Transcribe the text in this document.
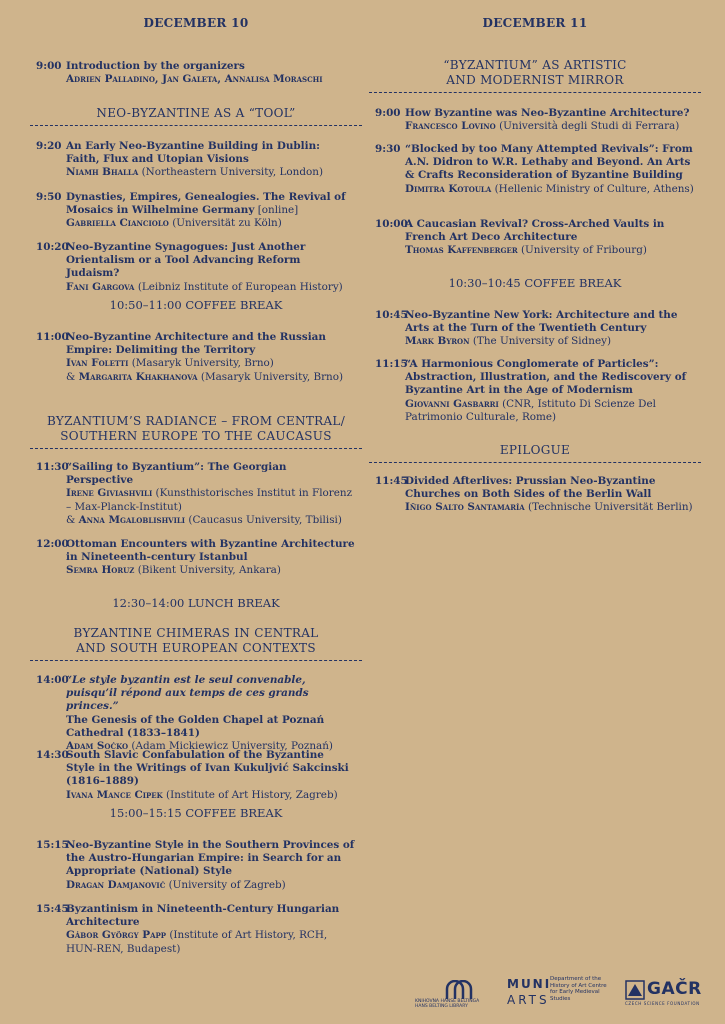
DECEMBER 10
9:00 Introduction by the organizers
Adrien Palladino, Jan Galeta, Annalisa Moraschi
NEO-BYZANTINE AS A “TOOL”
9:20 An Early Neo-Byzantine Building in Dublin: Faith, Flux and Utopian Visions
Niamh Bhalla (Northeastern University, London)
9:50 Dynasties, Empires, Genealogies. The Revival of Mosaics in Wilhelmine Germany [online]
Gabriella Cianciolo (Universität zu Köln)
10:20
Neo-Byzantine Synagogues: Just Another Orientalism or a Tool Advancing Reform Judaism?
Fani Gargova (Leibniz Institute of European History)
10:50–11:00 COFFEE BREAK
11:00
Neo-Byzantine Architecture and the Russian Empire: Delimiting the Territory
Ivan Foletti (Masaryk University, Brno)
& Margarita Khakhanova (Masaryk University, Brno)
BYZANTIUM’S RADIANCE – FROM CENTRAL/
SOUTHERN EUROPE TO THE CAUCASUS
11:30
“Sailing to Byzantium”: The Georgian Perspective
Irene Giviashvili (Kunsthistorisches Institut in Florenz – Max-Planck-Institut)
& Anna Mgaloblishvili (Caucasus University, Tbilisi)
12:00
Ottoman Encounters with Byzantine Architecture in Nineteenth-century Istanbul
Semra Horuz (Bikent University, Ankara)
12:30–14:00 LUNCH BREAK
BYZANTINE CHIMERAS IN CENTRAL
AND SOUTH EUROPEAN CONTEXTS
14:00
“Le style byzantin est le seul convenable, puisqu’il répond aux temps de ces grands princes.”
The Genesis of the Golden Chapel at Poznań Cathedral (1833–1841)
Adam Soćko (Adam Mickiewicz University, Poznań)
14:30
South Slavic Confabulation of the Byzantine Style in the Writings of Ivan Kukuljvić Sakcinski (1816–1889)
Ivana Mance Cipek (Institute of Art History, Zagreb)
15:00–15:15 COFFEE BREAK
15:15
Neo-Byzantine Style in the Southern Provinces of the Austro-Hungarian Empire: in Search for an Appropriate (National) Style
Dragan Damjanović (University of Zagreb)
15:45
Byzantinism in Nineteenth-Century Hungarian Architecture
Gábor György Papp (Institute of Art History, RCH, HUN-REN, Budapest)
DECEMBER 11
“BYZANTIUM” AS ARTISTIC
AND MODERNIST MIRROR
9:00 How Byzantine was Neo-Byzantine Architecture?
Francesco Lovino (Università degli Studi di Ferrara)
9:30 “Blocked by too Many Attempted Revivals”: From A.N. Didron to W.R. Lethaby and Beyond. An Arts & Crafts Reconsideration of Byzantine Building
Dimitra Kotoula (Hellenic Ministry of Culture, Athens)
10:00
A Caucasian Revival? Cross-Arched Vaults in French Art Deco Architecture
Thomas Kaffenberger (University of Fribourg)
10:30–10:45 COFFEE BREAK
10:45
Neo-Byzantine New York: Architecture and the Arts at the Turn of the Twentieth Century
Mark Byron (The University of Sidney)
11:15
“A Harmonious Conglomerate of Particles”: Abstraction, Illustration, and the Rediscovery of Byzantine Art in the Age of Modernism
Giovanni Gasbarri (CNR, Istituto Di Scienze Del Patrimonio Culturale, Rome)
EPILOGUE
11:45
Divided Afterlives: Prussian Neo-Byzantine Churches on Both Sides of the Berlin Wall
Iñigo Salto Santamaría (Technische Universität Berlin)
KNIHOVNA HANSE BELTINGA
HANS BELTING LIBRARY
MUNI
ARTS
Department of the History of Art Centre for Early Medieval Studies	GAČR
CZECH SCIENCE FOUNDATION
